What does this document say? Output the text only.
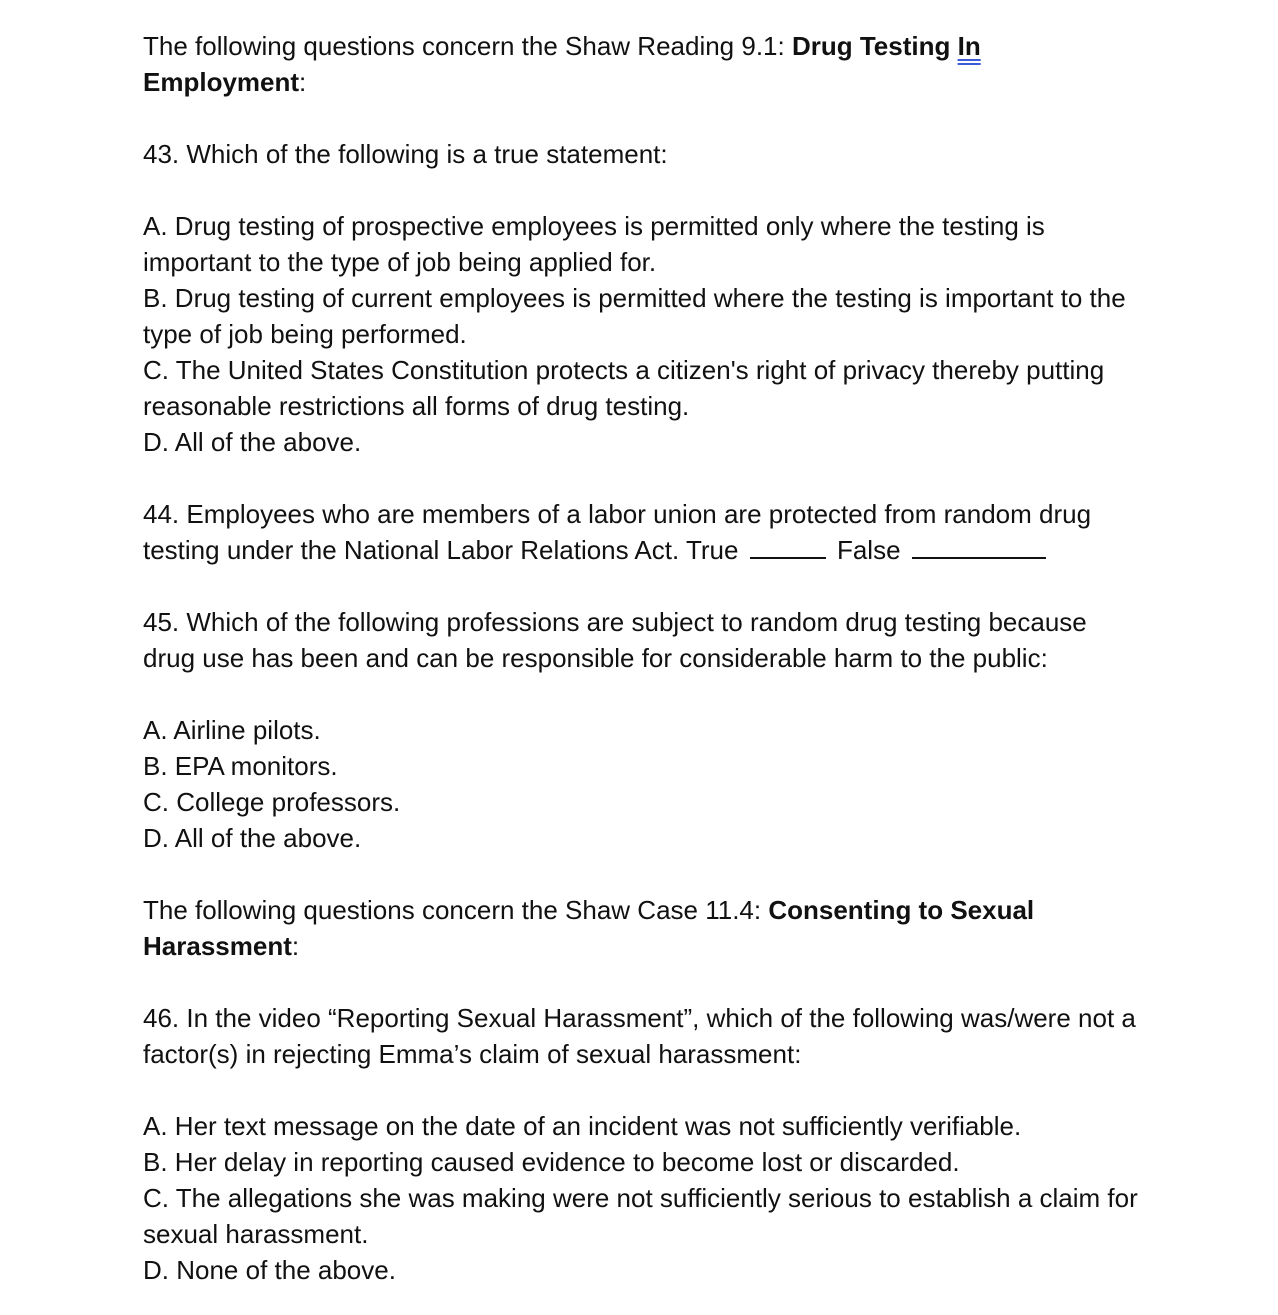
The following questions concern the Shaw Reading 9.1: Drug Testing In
Employment:

43. Which of the following is a true statement:

A. Drug testing of prospective employees is permitted only where the testing is important to the type of job being applied for.

B. Drug testing of current employees is permitted where the testing is important to the type of job being performed.

C. The United States Constitution protects a citizen's right of privacy thereby putting reasonable restrictions all forms of drug testing.

D. All of the above.

44. Employees who are members of a labor union are protected from random drug testing under the National Labor Relations Act. True	False

45. Which of the following professions are subject to random drug testing because drug use has been and can be responsible for considerable harm to the public:

A. Airline pilots.

B. EPA monitors.

C. College professors.

D. All of the above.

The following questions concern the Shaw Case 11.4: Consenting to Sexual Harassment:

46. In the video “Reporting Sexual Harassment”, which of the following was/were not a factor(s) in rejecting Emma’s claim of sexual harassment:

A. Her text message on the date of an incident was not sufficiently verifiable.

B. Her delay in reporting caused evidence to become lost or discarded.

C. The allegations she was making were not sufficiently serious to establish a claim for sexual harassment.

D. None of the above.
